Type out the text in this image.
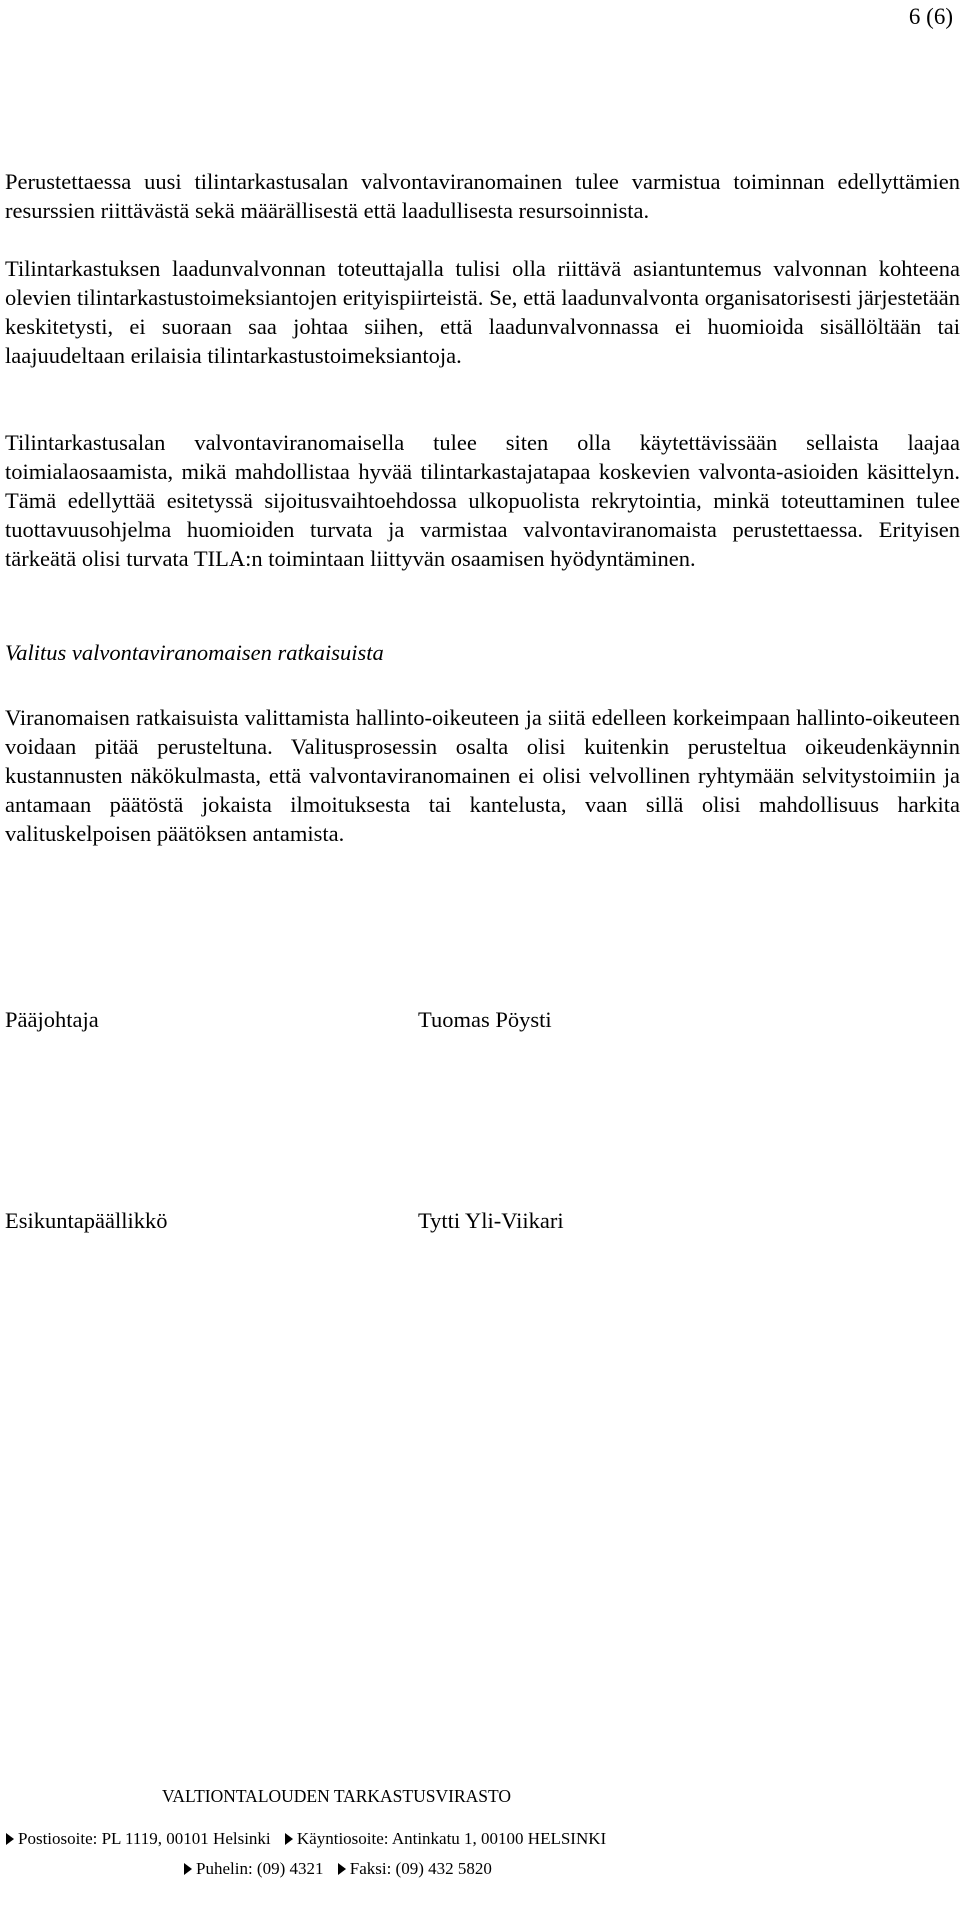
6 (6)

Perustettaessa uusi tilintarkastusalan valvontaviranomainen tulee varmistua toiminnan edellyttämien resurssien riittävästä sekä määrällisestä että laadullisesta resursoinnista.

Tilintarkastuksen laadunvalvonnan toteuttajalla tulisi olla riittävä asiantuntemus valvonnan kohteena olevien tilintarkastustoimeksiantojen erityispiirteistä. Se, että laadunvalvonta organisatorisesti järjestetään keskitetysti, ei suoraan saa johtaa siihen, että laadunvalvonnassa ei huomioida sisällöltään tai laajuudeltaan erilaisia tilintarkastustoimeksiantoja.

Tilintarkastusalan valvontaviranomaisella tulee siten olla käytettävissään sellaista laajaa toimialaosaamista, mikä mahdollistaa hyvää tilintarkastajatapaa koskevien valvonta-asioiden käsittelyn. Tämä edellyttää esitetyssä sijoitusvaihtoehdossa ulkopuolista rekrytointia, minkä toteuttaminen tulee tuottavuusohjelma huomioiden turvata ja varmistaa valvontaviranomaista perustettaessa. Erityisen tärkeätä olisi turvata TILA:n toimintaan liittyvän osaamisen hyödyntäminen.

Valitus valvontaviranomaisen ratkaisuista

Viranomaisen ratkaisuista valittamista hallinto-oikeuteen ja siitä edelleen korkeimpaan hallinto-oikeuteen voidaan pitää perusteltuna. Valitusprosessin osalta olisi kuitenkin perusteltua oikeudenkäynnin kustannusten näkökulmasta, että valvontaviranomainen ei olisi velvollinen ryhtymään selvitystoimiin ja antamaan päätöstä jokaista ilmoituksesta tai kantelusta, vaan sillä olisi mahdollisuus harkita valituskelpoisen päätöksen antamista.

Pääjohtaja	Tuomas Pöysti
Esikuntapäällikkö	Tytti Yli-Viikari
VALTIONTALOUDEN TARKASTUSVIRASTO
Postiosoite: PL 1119, 00101 Helsinki Käyntiosoite: Antinkatu 1, 00100 HELSINKI
Puhelin: (09) 4321 Faksi: (09) 432 5820
